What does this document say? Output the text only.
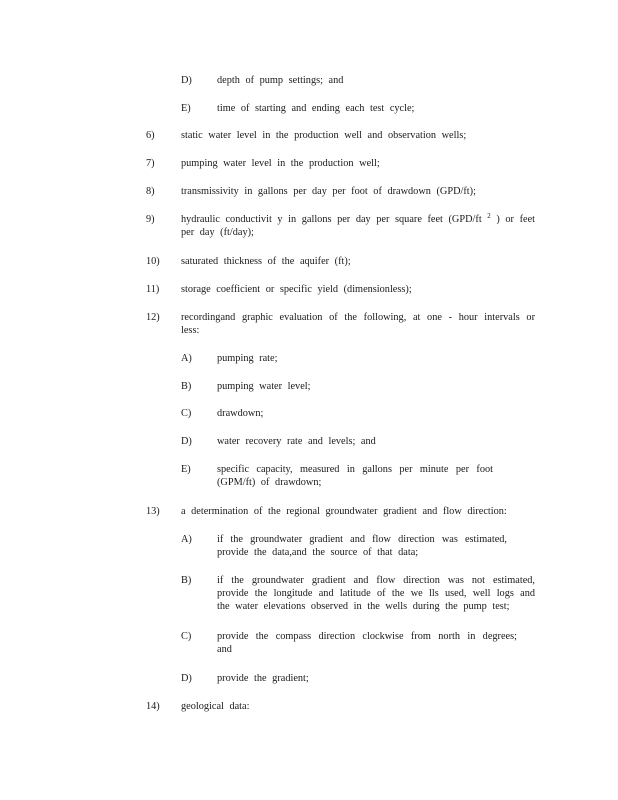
D) depth of pump settings; and
E)	time of starting and ending each test cycle;
6)	static water level in the production well and observation wells;
7)	pumping water level in the production well;
8)	transmissivity in gallons per day per foot of drawdown (GPD/ft);
9)	hydraulic conductivit y in gallons per day per square feet (GPD/ft $^2$ ) or feet
per day (ft/day);
10) saturated thickness of the aquifer (ft);
11) storage coefficient or specific yield (dimensionless);
12) recordingand graphic evaluation of the following, at one - hour intervals or
less:
A) pumping rate;
B) pumping water level;
C) drawdown;
D) water recovery rate and levels; and
E)	specific capacity, measured in gallons per minute per foot
(GPM/ft) of drawdown;
13) a determination of the regional groundwater gradient and flow direction:
A) if the groundwater gradient and flow direction was estimated,
provide the data,and the source of that data;
B) if the groundwater gradient and flow direction was not estimated,
provide the longitude and latitude of the we lls used, well logs and
the water elevations observed in the wells during the pump test;
C) provide the compass direction clockwise from north in degrees;
and
D) provide the gradient;
14) geological data:
